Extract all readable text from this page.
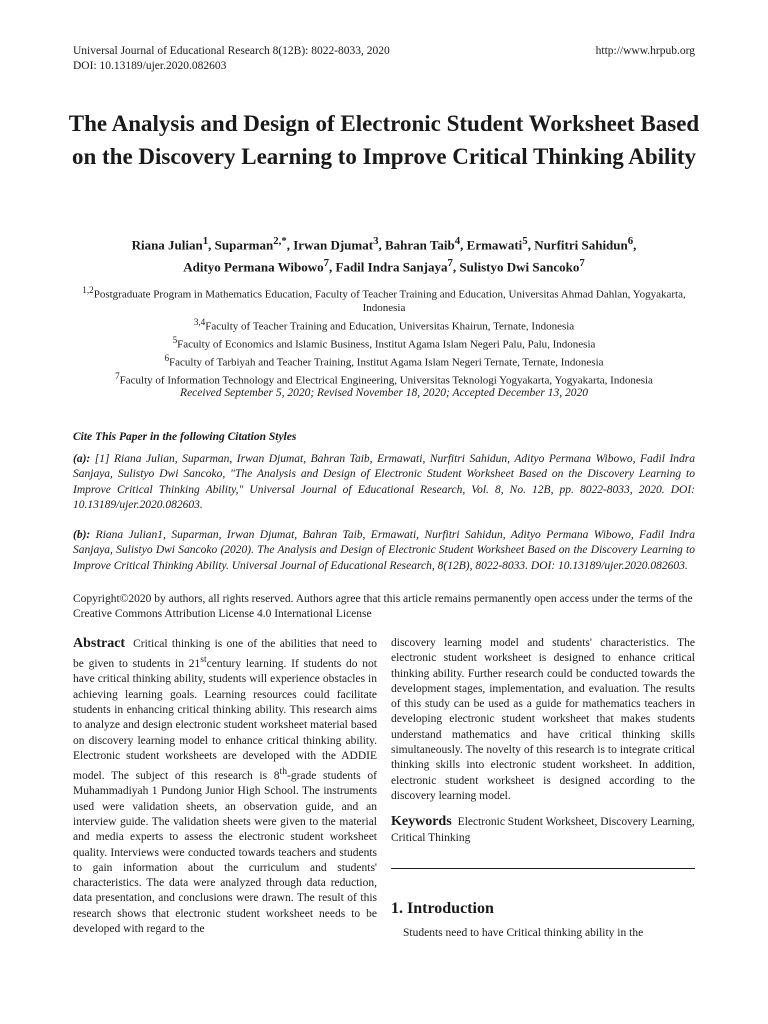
Universal Journal of Educational Research 8(12B): 8022-8033, 2020
DOI: 10.13189/ujer.2020.082603
http://www.hrpub.org
The Analysis and Design of Electronic Student Worksheet Based on the Discovery Learning to Improve Critical Thinking Ability
Riana Julian$^1$, Suparman$^{2,*}$, Irwan Djumat$^3$, Bahran Taib$^4$, Ermawati$^5$, Nurfitri Sahidun$^6$,
Adityo Permana Wibowo$^7$, Fadil Indra Sanjaya$^7$, Sulistyo Dwi Sancoko$^7$
$^{1,2}$Postgraduate Program in Mathematics Education, Faculty of Teacher Training and Education, Universitas Ahmad Dahlan, Yogyakarta, Indonesia
$^{3,4}$Faculty of Teacher Training and Education, Universitas Khairun, Ternate, Indonesia
$^5$Faculty of Economics and Islamic Business, Institut Agama Islam Negeri Palu, Palu, Indonesia
$^6$Faculty of Tarbiyah and Teacher Training, Institut Agama Islam Negeri Ternate, Ternate, Indonesia
$^7$Faculty of Information Technology and Electrical Engineering, Universitas Teknologi Yogyakarta, Yogyakarta, Indonesia
Received September 5, 2020; Revised November 18, 2020; Accepted December 13, 2020
Cite This Paper in the following Citation Styles

(a): [1] Riana Julian, Suparman, Irwan Djumat, Bahran Taib, Ermawati, Nurfitri Sahidun, Adityo Permana Wibowo, Fadil Indra Sanjaya, Sulistyo Dwi Sancoko, "The Analysis and Design of Electronic Student Worksheet Based on the Discovery Learning to Improve Critical Thinking Ability," Universal Journal of Educational Research, Vol. 8, No. 12B, pp. 8022-8033, 2020. DOI: 10.13189/ujer.2020.082603.

(b): Riana Julian1, Suparman, Irwan Djumat, Bahran Taib, Ermawati, Nurfitri Sahidun, Adityo Permana Wibowo, Fadil Indra Sanjaya, Sulistyo Dwi Sancoko (2020). The Analysis and Design of Electronic Student Worksheet Based on the Discovery Learning to Improve Critical Thinking Ability. Universal Journal of Educational Research, 8(12B), 8022-8033. DOI: 10.13189/ujer.2020.082603.

Copyright©2020 by authors, all rights reserved. Authors agree that this article remains permanently open access under the terms of the Creative Commons Attribution License 4.0 International License

Abstract Critical thinking is one of the abilities that need to be given to students in 21stcentury learning. If students do not have critical thinking ability, students will experience obstacles in achieving learning goals. Learning resources could facilitate students in enhancing critical thinking ability. This research aims to analyze and design electronic student worksheet material based on discovery learning model to enhance critical thinking ability. Electronic student worksheets are developed with the ADDIE model. The subject of this research is 8th-grade students of Muhammadiyah 1 Pundong Junior High School. The instruments used were validation sheets, an observation guide, and an interview guide. The validation sheets were given to the material and media experts to assess the electronic student worksheet quality. Interviews were conducted towards teachers and students to gain information about the curriculum and students' characteristics. The data were analyzed through data reduction, data presentation, and conclusions were drawn. The result of this research shows that electronic student worksheet needs to be developed with regard to the

discovery learning model and students' characteristics. The electronic student worksheet is designed to enhance critical thinking ability. Further research could be conducted towards the development stages, implementation, and evaluation. The results of this study can be used as a guide for mathematics teachers in developing electronic student worksheet that makes students understand mathematics and have critical thinking skills simultaneously. The novelty of this research is to integrate critical thinking skills into electronic student worksheet. In addition, electronic student worksheet is designed according to the discovery learning model.

Keywords Electronic Student Worksheet, Discovery Learning, Critical Thinking
1. Introduction

Students need to have Critical thinking ability in the
